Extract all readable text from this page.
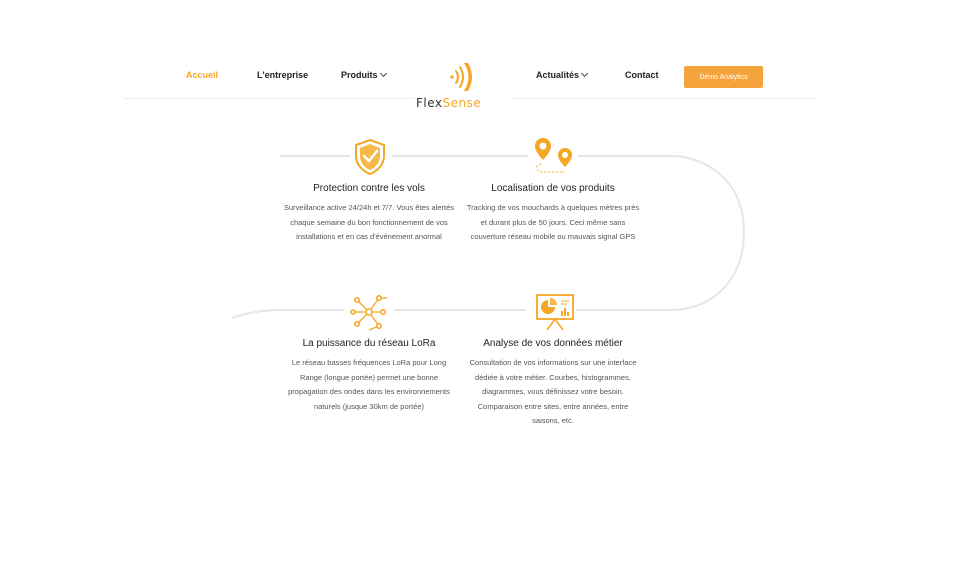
Accueil	L'entreprise	Produits	Actualités	Contact	Démo Analytics
FlexSense
Protection contre les vols
Surveillance active 24/24h et 7/7. Vous êtes alertés chaque semaine du bon fonctionnement de vos installations et en cas d'événement anormal
Localisation de vos produits
Tracking de vos mouchards à quelques mètres près et durant plus de 50 jours. Ceci même sans couverture réseau mobile ou mauvais signal GPS
La puissance du réseau LoRa
Le réseau basses fréquences LoRa pour Long Range (longue portée) permet une bonne propagation des ondes dans les environnements naturels (jusque 30km de portée)
Analyse de vos données métier
Consultation de vos informations sur une interface dédiée à votre métier. Courbes, histogrammes, diagrammes, vous définissez votre besoin. Comparaison entre sites, entre années, entre saisons, etc.
